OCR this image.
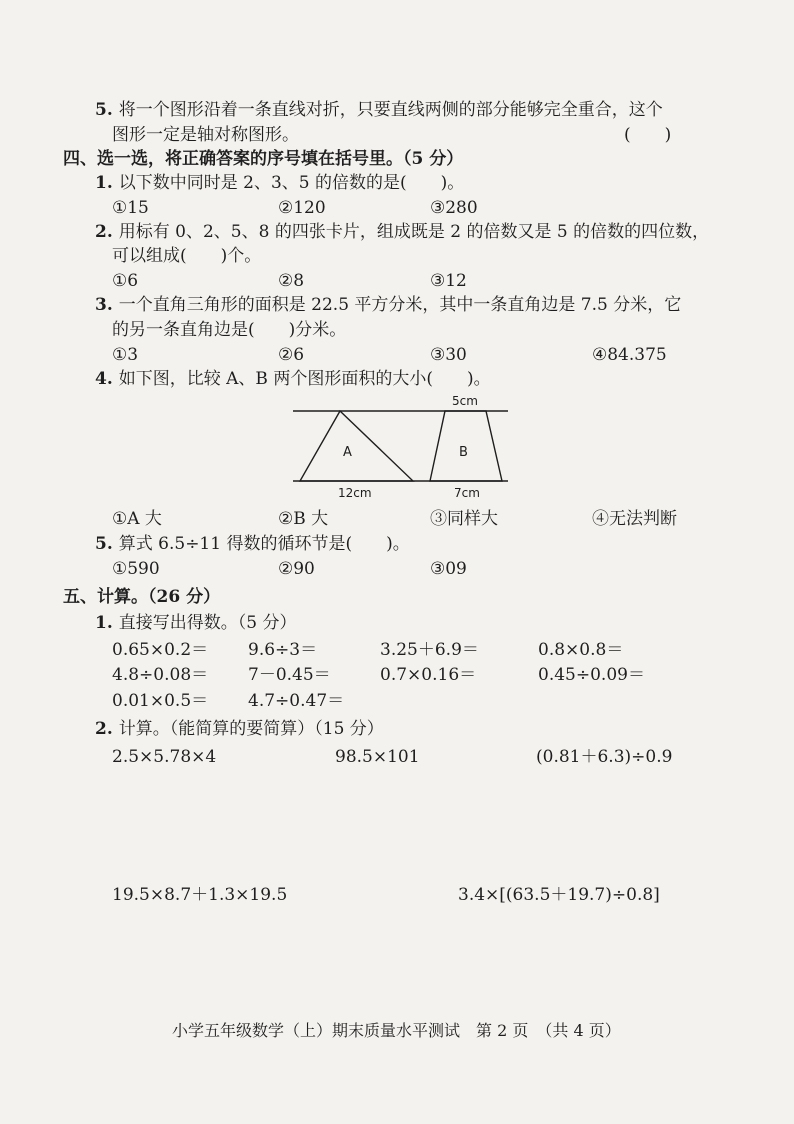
5. 将一个图形沿着一条直线对折，只要直线两侧的部分能够完全重合，这个
图形一定是轴对称图形。	(　　)
四、选一选，将正确答案的序号填在括号里。（5 分）
1. 以下数中同时是 2、3、5 的倍数的是(　　)。
①15	②120	③280
2. 用标有 0、2、5、8 的四张卡片，组成既是 2 的倍数又是 5 的倍数的四位数，
可以组成(　　)个。
①6	②8	③12
3. 一个直角三角形的面积是 22.5 平方分米，其中一条直角边是 7.5 分米，它
的另一条直角边是(　　)分米。
①3	②6	③30	④84.375
4. 如下图，比较 A、B 两个图形面积的大小(　　)。
5cm
A	B
12cm	7cm
①A 大	②B 大	③同样大	④无法判断
5. 算式 6.5÷11 得数的循环节是(　　)。
①590	②90	③09
五、计算。（26 分）
1. 直接写出得数。（5 分）
0.65×0.2＝ 9.6÷3＝	3.25＋6.9＝	0.8×0.8＝
4.8÷0.08＝ 7－0.45＝	0.7×0.16＝	0.45÷0.09＝
0.01×0.5＝ 4.7÷0.47＝
2. 计算。（能简算的要简算）（15 分）
2.5×5.78×4	98.5×101	(0.81＋6.3)÷0.9
19.5×8.7＋1.3×19.5	3.4×[(63.5＋19.7)÷0.8]
小学五年级数学（上）期末质量水平测试　第 2 页　（共 4 页）
